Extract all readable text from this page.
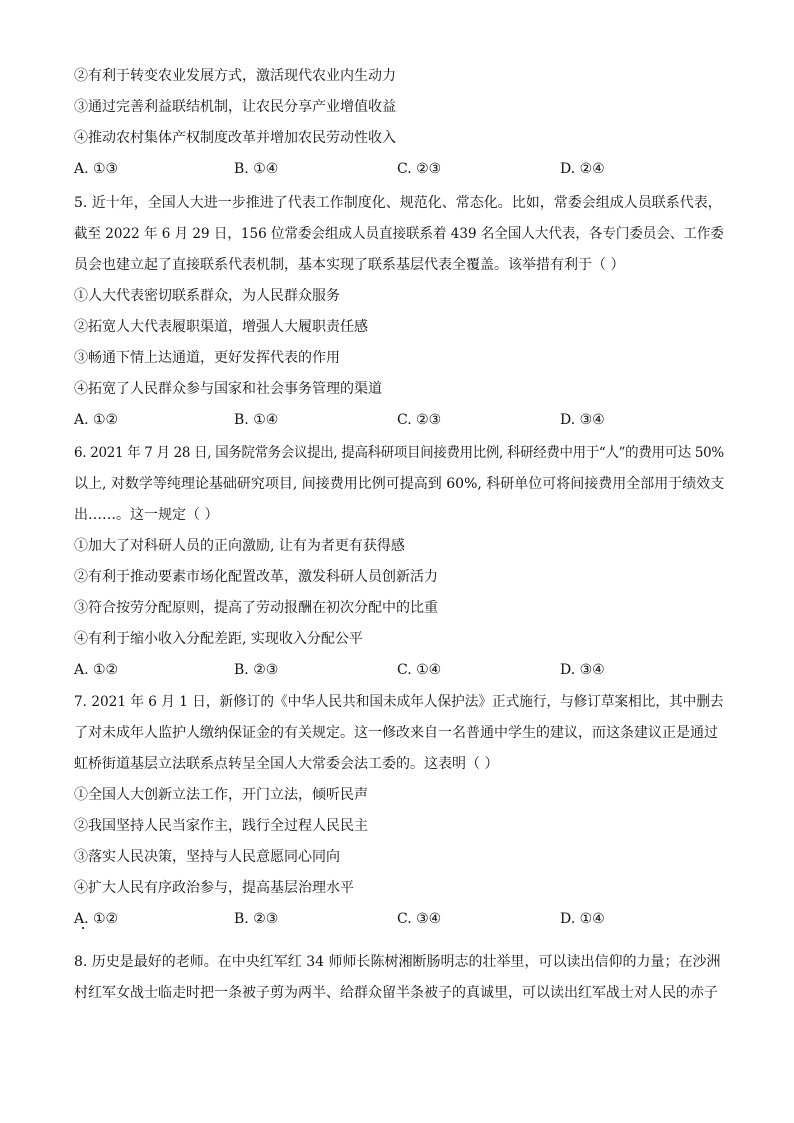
②有利于转变农业发展方式，激活现代农业内生动力
③通过完善利益联结机制，让农民分享产业增值收益
④推动农村集体产权制度改革并增加农民劳动性收入
A. ①③	B. ①④	C. ②③	D. ②④
5. 近十年，全国人大进一步推进了代表工作制度化、规范化、常态化。比如，常委会组成人员联系代表，
截至 2022 年 6 月 29 日，156 位常委会组成人员直接联系着 439 名全国人大代表，各专门委员会、工作委
员会也建立起了直接联系代表机制，基本实现了联系基层代表全覆盖。该举措有利于（ ）
①人大代表密切联系群众，为人民群众服务
②拓宽人大代表履职渠道，增强人大履职责任感
③畅通下情上达通道，更好发挥代表的作用
④拓宽了人民群众参与国家和社会事务管理的渠道
A. ①②	B. ①④	C. ②③	D. ③④
6. 2021 年 7 月 28 日, 国务院常务会议提出, 提高科研项目间接费用比例, 科研经费中用于“人”的费用可达 50%
以上, 对数学等纯理论基础研究项目, 间接费用比例可提高到 60%, 科研单位可将间接费用全部用于绩效支
出……。这一规定（ ）
①加大了对科研人员的正向激励, 让有为者更有获得感
②有利于推动要素市场化配置改革，激发科研人员创新活力
③符合按劳分配原则，提高了劳动报酬在初次分配中的比重
④有利于缩小收入分配差距, 实现收入分配公平
A. ①②	B. ②③	C. ①④	D. ③④
7. 2021 年 6 月 1 日，新修订的《中华人民共和国未成年人保护法》正式施行，与修订草案相比，其中删去
了对未成年人监护人缴纳保证金的有关规定。这一修改来自一名普通中学生的建议，而这条建议正是通过
虹桥街道基层立法联系点转呈全国人大常委会法工委的。这表明（ ）
①全国人大创新立法工作，开门立法，倾听民声
②我国坚持人民当家作主，践行全过程人民民主
③落实人民决策，坚持与人民意愿同心同向
④扩大人民有序政治参与，提高基层治理水平
A. ①②	B. ②③	C. ③④	D. ①④
8. 历史是最好的老师。在中央红军红 34 师师长陈树湘断肠明志的壮举里，可以读出信仰的力量；在沙洲
村红军女战士临走时把一条被子剪为两半、给群众留半条被子的真诚里，可以读出红军战士对人民的赤子
